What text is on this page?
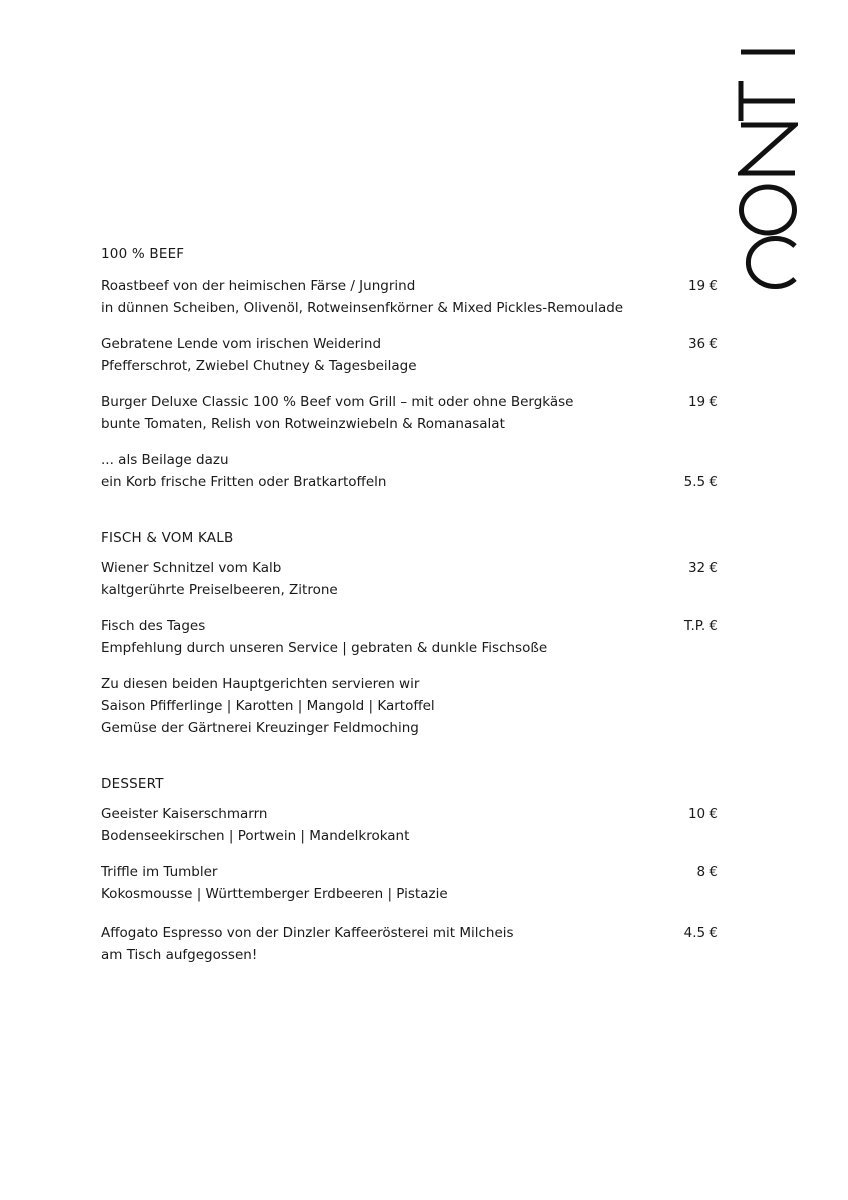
100 % BEEF
Roastbeef von der heimischen Färse / Jungrind	19 €
in dünnen Scheiben, Olivenöl, Rotweinsenfkörner & Mixed Pickles-Remoulade
Gebratene Lende vom irischen Weiderind	36 €
Pfefferschrot, Zwiebel Chutney & Tagesbeilage
Burger Deluxe Classic 100 % Beef vom Grill – mit oder ohne Bergkäse	19 €
bunte Tomaten, Relish von Rotweinzwiebeln & Romanasalat
... als Beilage dazu
ein Korb frische Fritten oder Bratkartoffeln	5.5 €
FISCH & VOM KALB
Wiener Schnitzel vom Kalb	32 €
kaltgerührte Preiselbeeren, Zitrone
Fisch des Tages	T.P. €
Empfehlung durch unseren Service | gebraten & dunkle Fischsoße
Zu diesen beiden Hauptgerichten servieren wir
Saison Pfifferlinge | Karotten | Mangold | Kartoffel
Gemüse der Gärtnerei Kreuzinger Feldmoching
DESSERT
Geeister Kaiserschmarrn	10 €
Bodenseekirschen | Portwein | Mandelkrokant
Triffle im Tumbler	8 €
Kokosmousse | Württemberger Erdbeeren | Pistazie
Affogato Espresso von der Dinzler Kaffeerösterei mit Milcheis	4.5 €
am Tisch aufgegossen!
